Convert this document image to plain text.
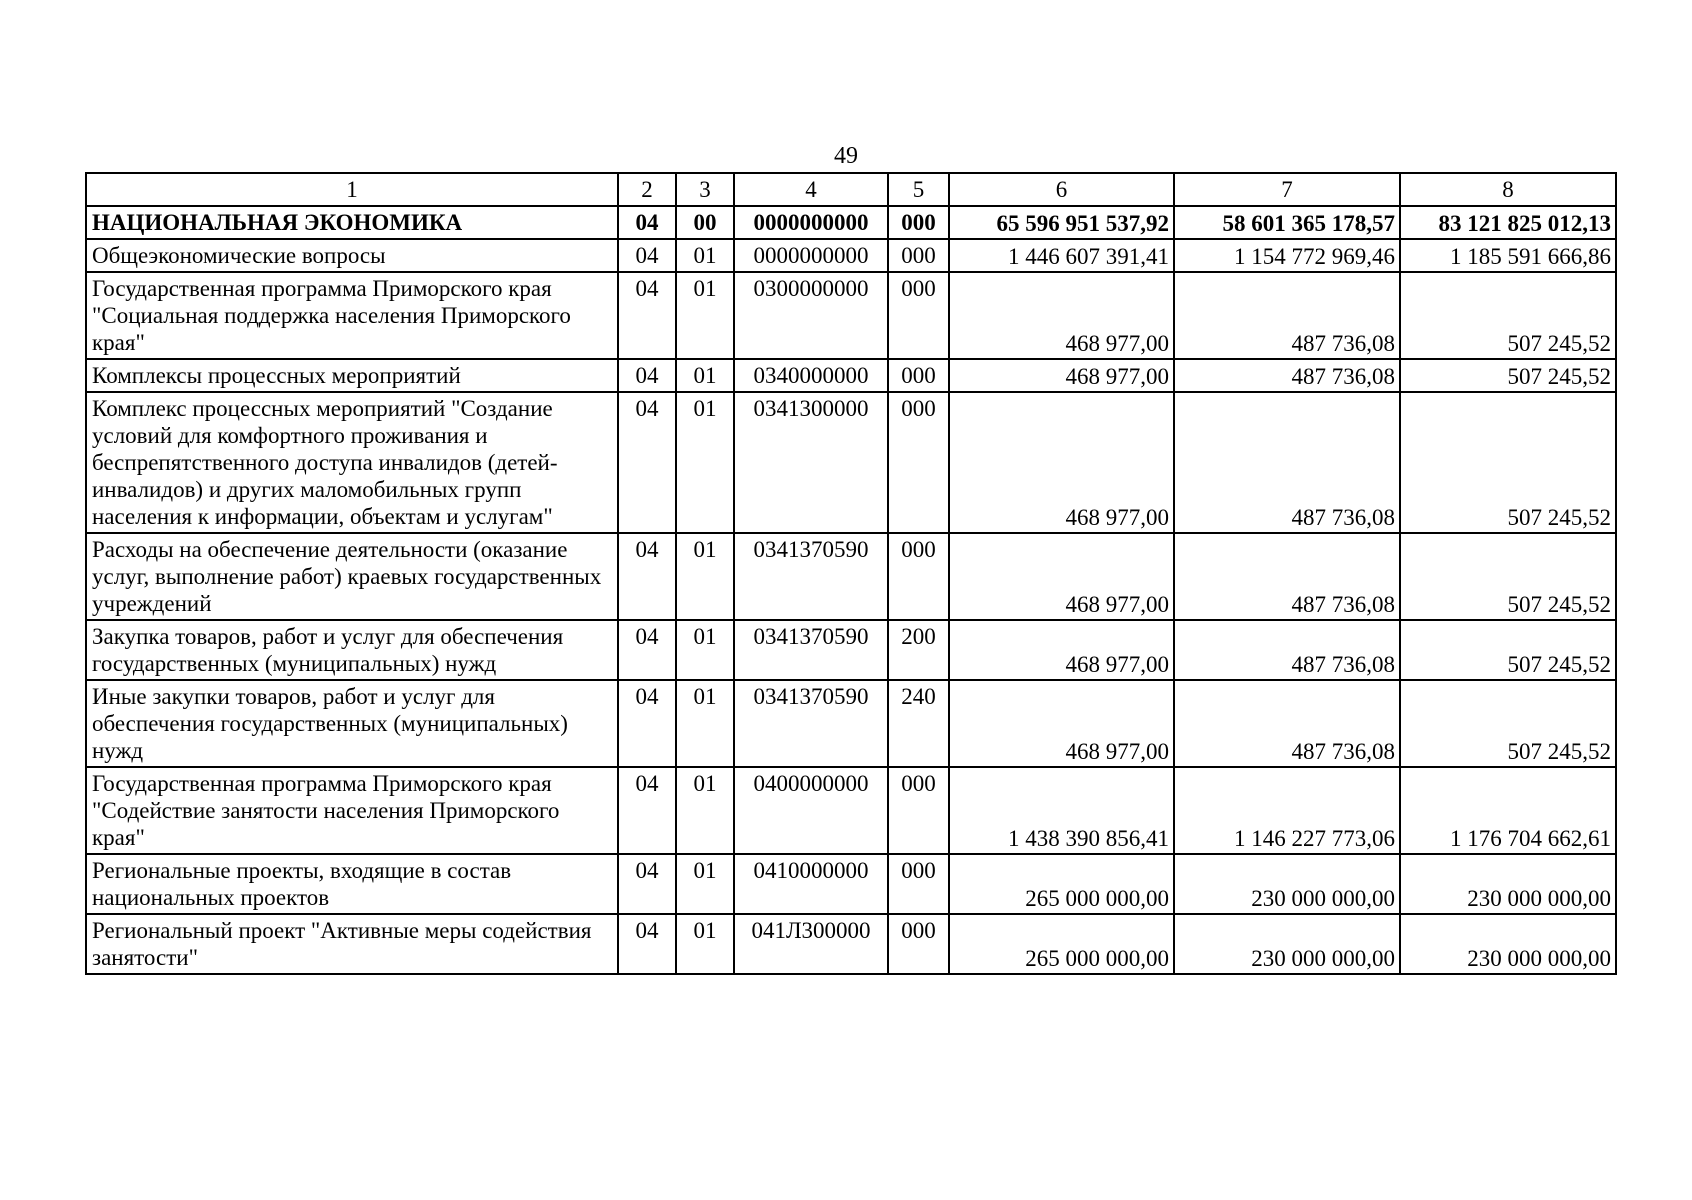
49
1	2	3	4	5	6	7	8
НАЦИОНАЛЬНАЯ ЭКОНОМИКА	04	00	0000000000	000	65 596 951 537,92	58 601 365 178,57	83 121 825 012,13
Общеэкономические вопросы	04	01	0000000000	000	1 446 607 391,41	1 154 772 969,46	1 185 591 666,86
Государственная программа Приморского края "Социальная поддержка населения Приморского края"	04	01	0300000000	000	468 977,00	487 736,08	507 245,52
Комплексы процессных мероприятий	04	01	0340000000	000	468 977,00	487 736,08	507 245,52
Комплекс процессных мероприятий "Создание условий для комфортного проживания и беспрепятственного доступа инвалидов (детей-инвалидов) и других маломобильных групп населения к информации, объектам и услугам"	04	01	0341300000	000	468 977,00	487 736,08	507 245,52
Расходы на обеспечение деятельности (оказание услуг, выполнение работ) краевых государственных учреждений	04	01	0341370590	000	468 977,00	487 736,08	507 245,52
Закупка товаров, работ и услуг для обеспечения государственных (муниципальных) нужд	04	01	0341370590	200	468 977,00	487 736,08	507 245,52
Иные закупки товаров, работ и услуг для обеспечения государственных (муниципальных) нужд	04	01	0341370590	240	468 977,00	487 736,08	507 245,52
Государственная программа Приморского края "Содействие занятости населения Приморского края"	04	01	0400000000	000	1 438 390 856,41	1 146 227 773,06	1 176 704 662,61
Региональные проекты, входящие в состав национальных проектов	04	01	0410000000	000	265 000 000,00	230 000 000,00	230 000 000,00
Региональный проект "Активные меры содействия занятости"	04	01	041Л300000	000	265 000 000,00	230 000 000,00	230 000 000,00
